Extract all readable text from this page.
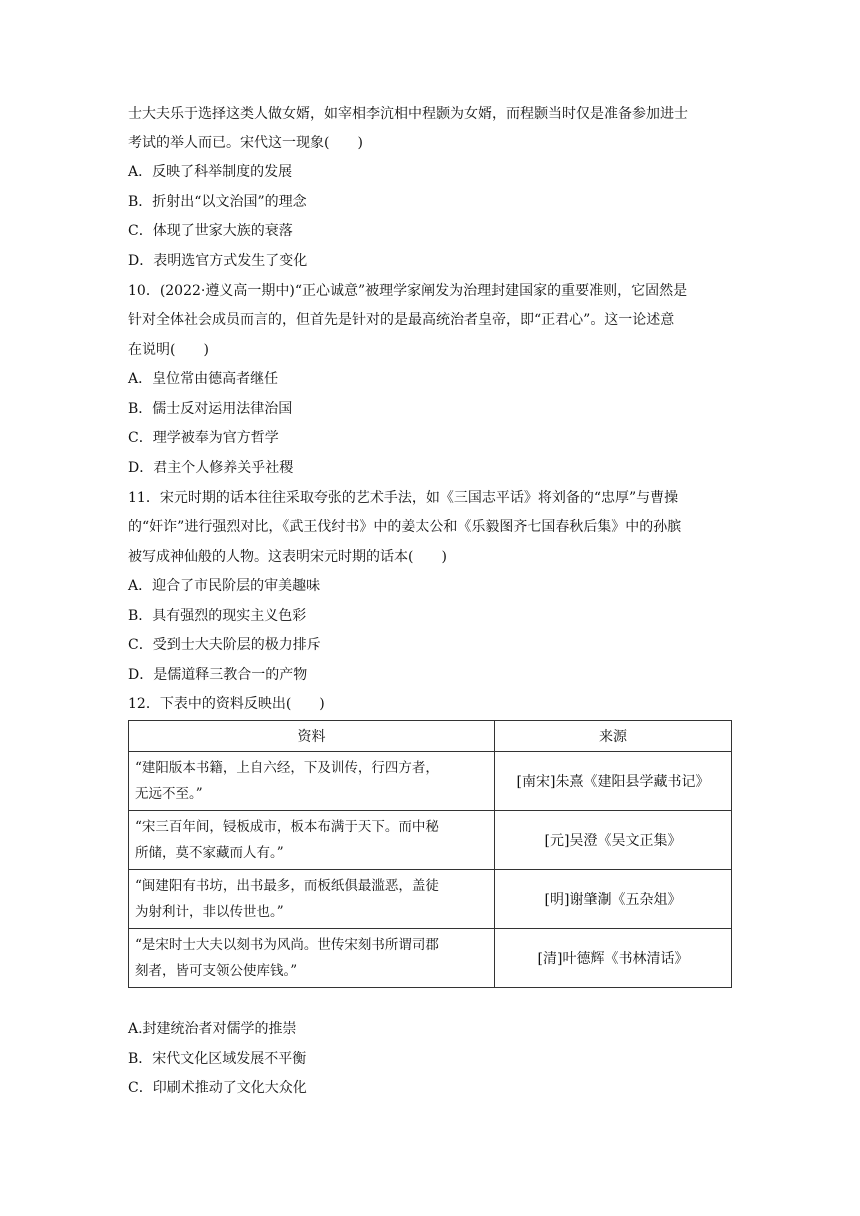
士大夫乐于选择这类人做女婿，如宰相李沆相中程颢为女婿，而程颢当时仅是准备参加进士
考试的举人而已。宋代这一现象(　　)
A．反映了科举制度的发展
B．折射出“以文治国”的理念
C．体现了世家大族的衰落
D．表明选官方式发生了变化
10．(2022·遵义高一期中)“正心诚意”被理学家阐发为治理封建国家的重要准则，它固然是
针对全体社会成员而言的，但首先是针对的是最高统治者皇帝，即“正君心”。这一论述意
在说明(　　)
A．皇位常由德高者继任
B．儒士反对运用法律治国
C．理学被奉为官方哲学
D．君主个人修养关乎社稷
11．宋元时期的话本往往采取夸张的艺术手法，如《三国志平话》将刘备的“忠厚”与曹操
的“奸诈”进行强烈对比，《武王伐纣书》中的姜太公和《乐毅图齐七国春秋后集》中的孙膑
被写成神仙般的人物。这表明宋元时期的话本(　　)
A．迎合了市民阶层的审美趣味
B．具有强烈的现实主义色彩
C．受到士大夫阶层的极力排斥
D．是儒道释三教合一的产物
12．下表中的资料反映出(　　)
资料	来源

“建阳版本书籍，上自六经，下及训传，行四方者，
无远不至。”	[南宋]朱熹《建阳县学藏书记》

“宋三百年间，锓板成市，板本布满于天下。而中秘
所储，莫不家藏而人有。”	[元]吴澄《吴文正集》

“闽建阳有书坊，出书最多，而板纸俱最滥恶，盖徒
为射利计，非以传世也。”	[明]谢肇淛《五杂俎》

“是宋时士大夫以刻书为风尚。世传宋刻书所谓司郡
刻者，皆可支领公使库钱。”	[清]叶德辉《书林清话》
A.封建统治者对儒学的推崇
B．宋代文化区域发展不平衡
C．印刷术推动了文化大众化
